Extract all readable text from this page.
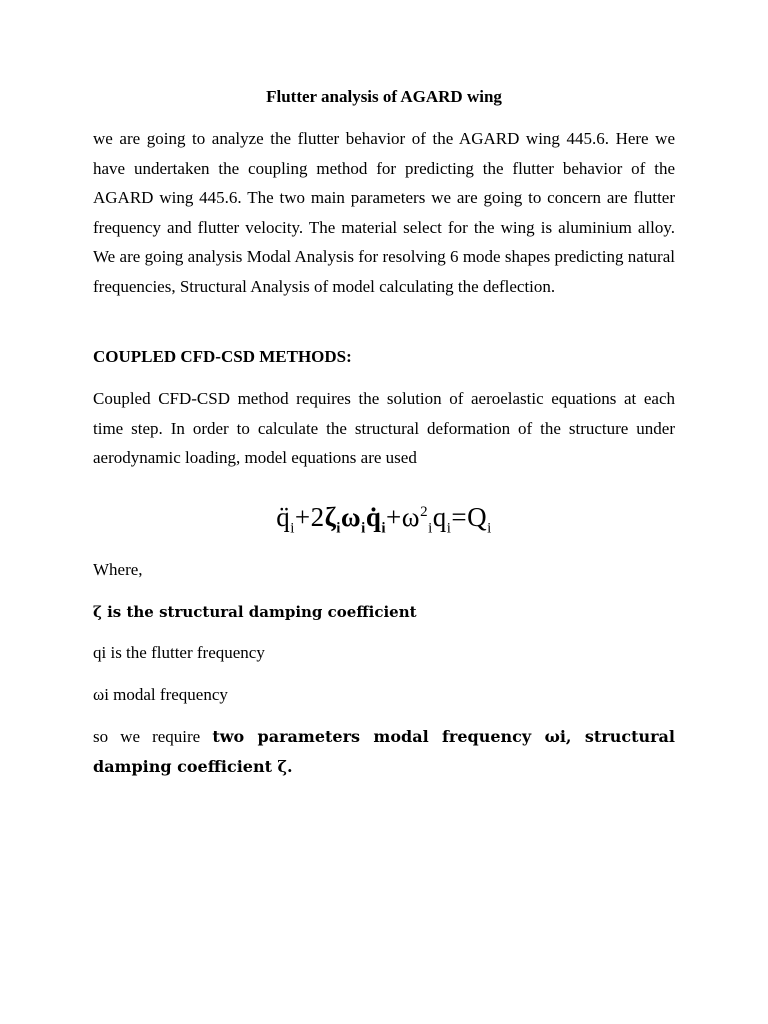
Flutter analysis of AGARD wing

we are going to analyze the flutter behavior of the AGARD wing 445.6. Here we have undertaken the coupling method for predicting the flutter behavior of the AGARD wing 445.6. The two main parameters we are going to concern are flutter frequency and flutter velocity. The material select for the wing is aluminium alloy. We are going analysis Modal Analysis for resolving 6 mode shapes predicting natural frequencies, Structural Analysis of model calculating the deflection.

COUPLED CFD-CSD METHODS:

Coupled CFD-CSD method requires the solution of aeroelastic equations at each time step. In order to calculate the structural deformation of the structure under aerodynamic loading, model equations are used

$q̈_i+2\zeta_i\omega_iq̇_i+\omega^2_iq_i=Q_i$
Where,
ζ is the structural damping coefficient
qi is the flutter frequency
ωi modal frequency
so we require two parameters modal frequency ωi, structural damping coefficient ζ.
